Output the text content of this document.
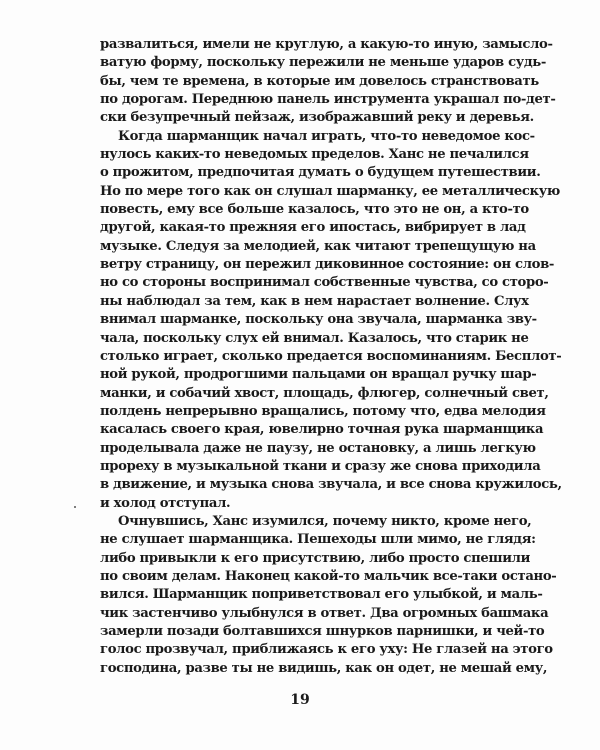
развалиться, имели не круглую, а какую-то иную, замысло-
ватую форму, поскольку пережили не меньше ударов судь-
бы, чем те времена, в которые им довелось странствовать
по дорогам. Переднюю панель инструмента украшал по-дет-
ски безупречный пейзаж, изображавший реку и деревья.
Когда шарманщик начал играть, что-то неведомое кос-
нулось каких-то неведомых пределов. Ханс не печалился
о прожитом, предпочитая думать о будущем путешествии.
Но по мере того как он слушал шарманку, ее металлическую
повесть, ему все больше казалось, что это не он, а кто-то
другой, какая-то прежняя его ипостась, вибрирует в лад
музыке. Следуя за мелодией, как читают трепещущую на
ветру страницу, он пережил диковинное состояние: он слов-
но со стороны воспринимал собственные чувства, со сторо-
ны наблюдал за тем, как в нем нарастает волнение. Слух
внимал шарманке, поскольку она звучала, шарманка зву-
чала, поскольку слух ей внимал. Казалось, что старик не
столько играет, сколько предается воспоминаниям. Бесплот-
ной рукой, продрогшими пальцами он вращал ручку шар-
манки, и собачий хвост, площадь, флюгер, солнечный свет,
полдень непрерывно вращались, потому что, едва мелодия
касалась своего края, ювелирно точная рука шарманщика
проделывала даже не паузу, не остановку, а лишь легкую
прореху в музыкальной ткани и сразу же снова приходила
в движение, и музыка снова звучала, и все снова кружилось,
и холод отступал.
Очнувшись, Ханс изумился, почему никто, кроме него,
не слушает шарманщика. Пешеходы шли мимо, не глядя:
либо привыкли к его присутствию, либо просто спешили
по своим делам. Наконец какой-то мальчик все-таки остано-
вился. Шарманщик поприветствовал его улыбкой, и маль-
чик застенчиво улыбнулся в ответ. Два огромных башмака
замерли позади болтавшихся шнурков парнишки, и чей-то
голос прозвучал, приближаясь к его уху: Не глазей на этого
господина, разве ты не видишь, как он одет, не мешай ему,
19
